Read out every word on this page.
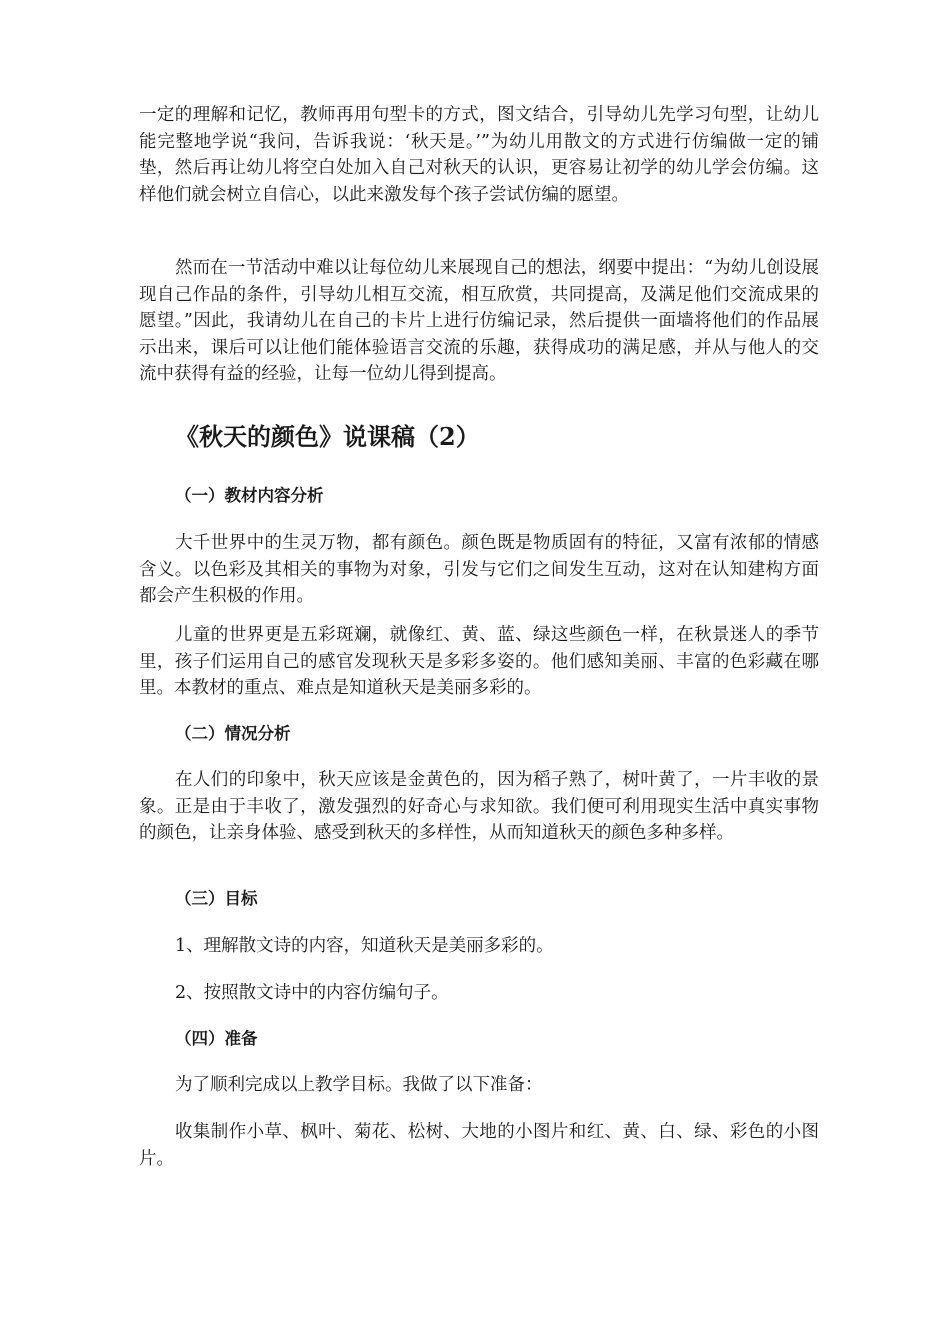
一定的理解和记忆，教师再用句型卡的方式，图文结合，引导幼儿先学习句型，让幼儿能完整地学说“我问，告诉我说：‘秋天是。’”为幼儿用散文的方式进行仿编做一定的铺垫，然后再让幼儿将空白处加入自己对秋天的认识，更容易让初学的幼儿学会仿编。这样他们就会树立自信心，以此来激发每个孩子尝试仿编的愿望。

然而在一节活动中难以让每位幼儿来展现自己的想法，纲要中提出：“为幼儿创设展现自己作品的条件，引导幼儿相互交流，相互欣赏，共同提高，及满足他们交流成果的愿望。”因此，我请幼儿在自己的卡片上进行仿编记录，然后提供一面墙将他们的作品展示出来，课后可以让他们能体验语言交流的乐趣，获得成功的满足感，并从与他人的交流中获得有益的经验，让每一位幼儿得到提高。

《秋天的颜色》说课稿（2）
（一）教材内容分析

大千世界中的生灵万物，都有颜色。颜色既是物质固有的特征，又富有浓郁的情感含义。以色彩及其相关的事物为对象，引发与它们之间发生互动，这对在认知建构方面都会产生积极的作用。

儿童的世界更是五彩斑斓，就像红、黄、蓝、绿这些颜色一样，在秋景迷人的季节里，孩子们运用自己的感官发现秋天是多彩多姿的。他们感知美丽、丰富的色彩藏在哪里。本教材的重点、难点是知道秋天是美丽多彩的。

（二）情况分析

在人们的印象中，秋天应该是金黄色的，因为稻子熟了，树叶黄了，一片丰收的景象。正是由于丰收了，激发强烈的好奇心与求知欲。我们便可利用现实生活中真实事物的颜色，让亲身体验、感受到秋天的多样性，从而知道秋天的颜色多种多样。

（三）目标

1、理解散文诗的内容，知道秋天是美丽多彩的。

2、按照散文诗中的内容仿编句子。

（四）准备

为了顺利完成以上教学目标。我做了以下准备：

收集制作小草、枫叶、菊花、松树、大地的小图片和红、黄、白、绿、彩色的小图片。
